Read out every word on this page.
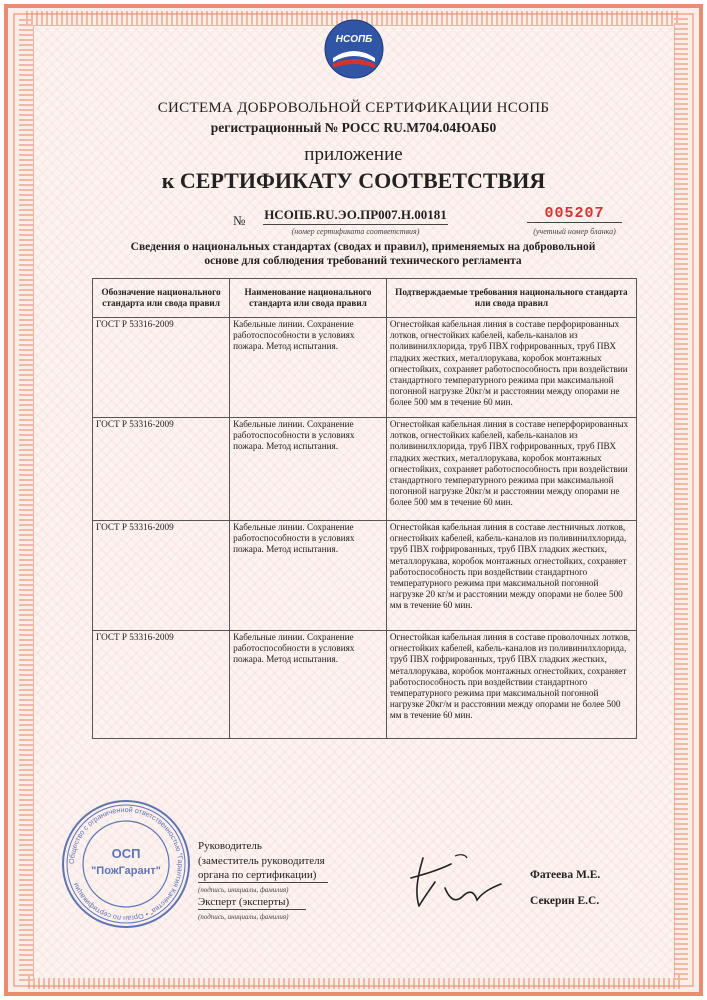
НСОПБ
СИСТЕМА ДОБРОВОЛЬНОЙ СЕРТИФИКАЦИИ НСОПБ
регистрационный № РОСС RU.М704.04ЮАБ0
приложение
к СЕРТИФИКАТУ СООТВЕТСТВИЯ
№ НСОПБ.RU.ЭО.ПР007.Н.00181
(номер сертификата соответствия)
005207
(учетный номер бланка)
Сведения о национальных стандартах (сводах и правил), применяемых на добровольной основе для соблюдения требований технического регламента
Обозначение национального стандарта или свода правил	Наименование национального стандарта или свода правил	Подтверждаемые требования национального стандарта или свода правил
ГОСТ Р 53316-2009	Кабельные линии. Сохранение работоспособности в условиях пожара. Метод испытания.	Огнестойкая кабельная линия в составе перфорированных лотков, огнестойких кабелей, кабель-каналов из поливинилхлорида, труб ПВХ гофрированных, труб ПВХ гладких жестких, металлорукава, коробок монтажных огнестойких, сохраняет работоспособность при воздействии стандартного температурного режима при максимальной погонной нагрузке 20кг/м и расстоянии между опорами не более 500 мм в течение 60 мин.
ГОСТ Р 53316-2009	Кабельные линии. Сохранение работоспособности в условиях пожара. Метод испытания.	Огнестойкая кабельная линия в составе неперфорированных лотков, огнестойких кабелей, кабель-каналов из поливинилхлорида, труб ПВХ гофрированных, труб ПВХ гладких жестких, металлорукава, коробок монтажных огнестойких, сохраняет работоспособность при воздействии стандартного температурного режима при максимальной погонной нагрузке 20кг/м и расстоянии между опорами не более 500 мм в течение 60 мин.
ГОСТ Р 53316-2009	Кабельные линии. Сохранение работоспособности в условиях пожара. Метод испытания.	Огнестойкая кабельная линия в составе лестничных лотков, огнестойких кабелей, кабель-каналов из поливинилхлорида, труб ПВХ гофрированных, труб ПВХ гладких жестких, металлорукава, коробок монтажных огнестойких, сохраняет работоспособность при воздействии стандартного температурного режима при максимальной погонной нагрузке 20 кг/м и расстоянии между опорами не более 500 мм в течение 60 мин.
ГОСТ Р 53316-2009	Кабельные линии. Сохранение работоспособности в условиях пожара. Метод испытания.	Огнестойкая кабельная линия в составе проволочных лотков, огнестойких кабелей, кабель-каналов из поливинилхлорида, труб ПВХ гофрированных, труб ПВХ гладких жестких, металлорукава, коробок монтажных огнестойких, сохраняет работоспособность при воздействии стандартного температурного режима при максимальной погонной нагрузке 20кг/м и расстоянии между опорами не более 500 мм в течение 60 мин.
Общество с ограниченной ответственностью "Гарантия Качества" • Орган по сертификации
ОСП
"ПожГарант"
Руководитель
(заместитель руководителя
органа по сертификации)
(подпись, инициалы, фамилия)
Эксперт (эксперты)
(подпись, инициалы, фамилия)
Фатеева М.Е.
Секерин Е.С.
